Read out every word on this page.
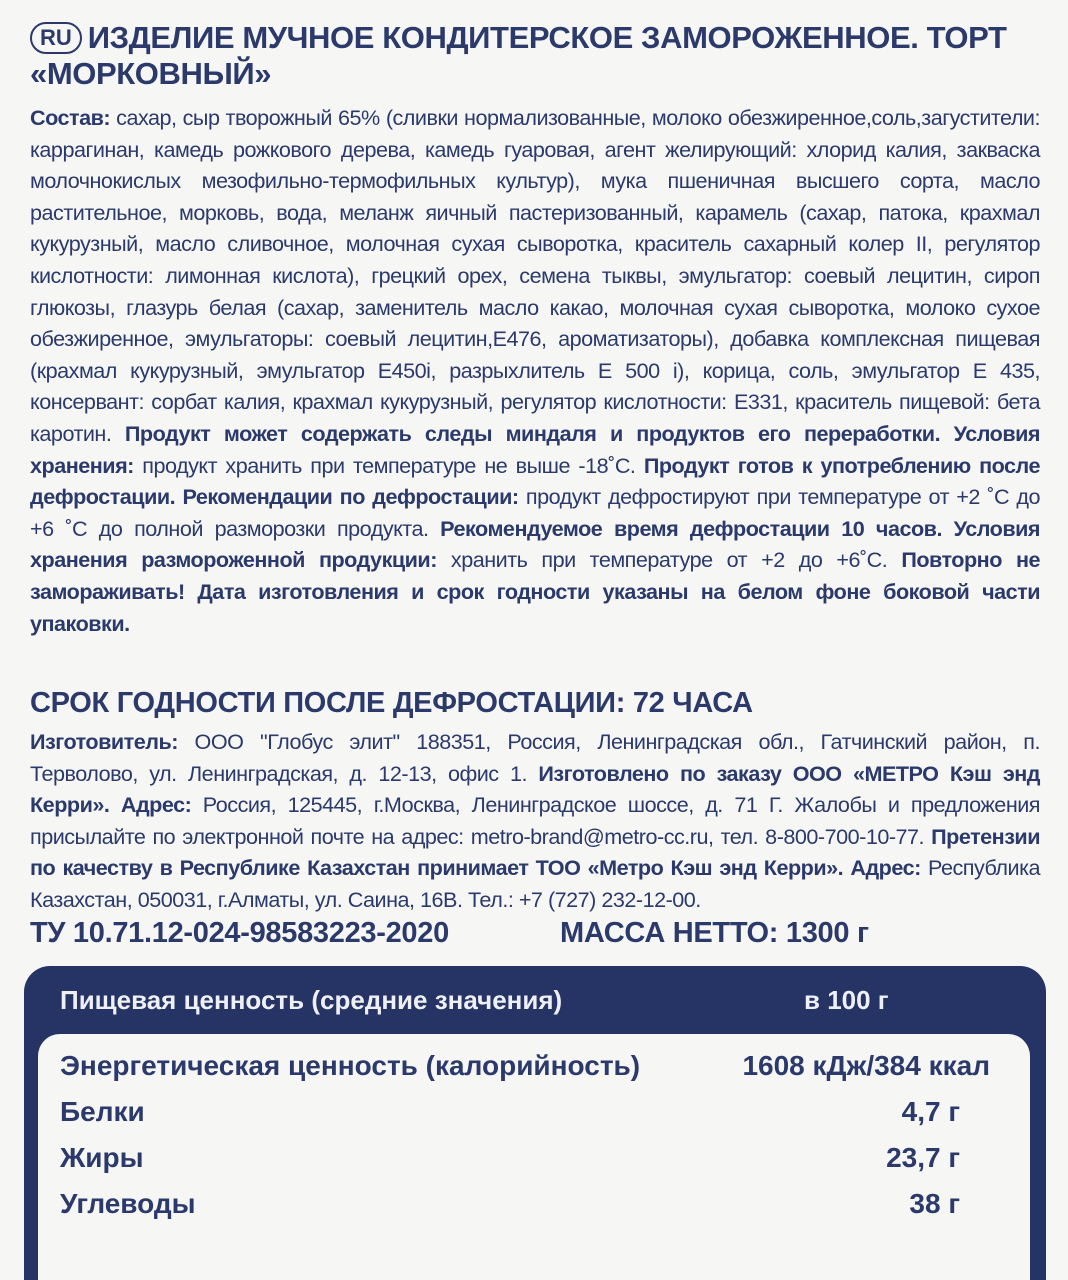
RU ИЗДЕЛИЕ МУЧНОЕ КОНДИТЕРСКОЕ ЗАМОРОЖЕННОЕ. ТОРТ «МОРКОВНЫЙ»
Состав: сахар, сыр творожный 65% (сливки нормализованные, молоко обезжиренное,соль,загустители: каррагинан, камедь рожкового дерева, камедь гуаровая, агент желирующий: хлорид калия, закваска молочнокислых мезофильно-термофильных культур), мука пшеничная высшего сорта, масло растительное, морковь, вода, меланж яичный пастеризованный, карамель (сахар, патока, крахмал кукурузный, масло сливочное, молочная сухая сыворотка, краситель сахарный колер II, регулятор кислотности: лимонная кислота), грецкий орех, семена тыквы, эмульгатор: соевый лецитин, сироп глюкозы, глазурь белая (сахар, заменитель масло какао, молочная сухая сыворотка, молоко сухое обезжиренное, эмульгаторы: соевый лецитин,Е476, ароматизаторы), добавка комплексная пищевая (крахмал кукурузный, эмульгатор Е450i, разрыхлитель Е 500 i), корица, соль, эмульгатор Е 435, консервант: сорбат калия, крахмал кукурузный, регулятор кислотности: Е331, краситель пищевой: бета каротин. Продукт может содержать следы миндаля и продуктов его переработки. Условия хранения: продукт хранить при температуре не выше -18˚С. Продукт готов к употреблению после дефростации. Рекомендации по дефростации: продукт дефростируют при температуре от +2 ˚С до +6 ˚С до полной разморозки продукта. Рекомендуемое время дефростации 10 часов. Условия хранения размороженной продукции: хранить при температуре от +2 до +6˚С. Повторно не замораживать! Дата изготовления и срок годности указаны на белом фоне боковой части упаковки.
СРОК ГОДНОСТИ ПОСЛЕ ДЕФРОСТАЦИИ: 72 ЧАСА
Изготовитель: ООО "Глобус элит" 188351, Россия, Ленинградская обл., Гатчинский район, п. Терволово, ул. Ленинградская, д. 12-13, офис 1. Изготовлено по заказу ООО «МЕТРО Кэш энд Керри». Адрес: Россия, 125445, г.Москва, Ленинградское шоссе, д. 71 Г. Жалобы и предложения присылайте по электронной почте на адрес: metro-brand@metro-cc.ru, тел. 8-800-700-10-77. Претензии по качеству в Республике Казахстан принимает ТОО «Метро Кэш энд Керри». Адрес: Республика Казахстан, 050031, г.Алматы, ул. Саина, 16В. Тел.: +7 (727) 232-12-00.
ТУ 10.71.12-024-98583223-2020	МАССА НЕТТО: 1300 г
Пищевая ценность (средние значения)	в 100 г
Энергетическая ценность (калорийность)	1608 кДж/384 ккал
Белки	4,7 г
Жиры	23,7 г
Углеводы	38 г
